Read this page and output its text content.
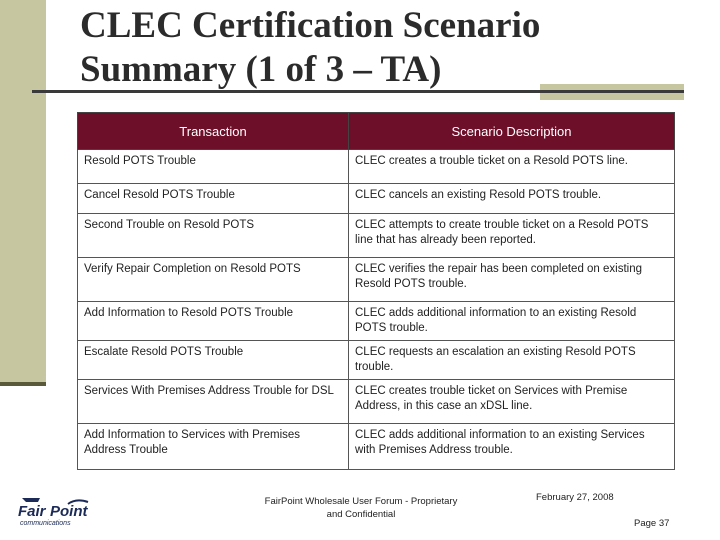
CLEC Certification Scenario
Summary (1 of 3 – TA)
Transaction	Scenario Description
Resold POTS Trouble	CLEC creates a trouble ticket on a Resold POTS line.
Cancel Resold POTS Trouble	CLEC cancels an existing Resold POTS trouble.
Second Trouble on Resold POTS	CLEC attempts to create trouble ticket on a Resold POTS line that has already been reported.
Verify Repair Completion on Resold POTS	CLEC verifies the repair has been completed on existing Resold POTS trouble.
Add Information to Resold POTS Trouble	CLEC adds additional information to an existing Resold POTS trouble.
Escalate Resold POTS Trouble	CLEC requests an escalation an existing Resold POTS trouble.
Services With Premises Address Trouble for DSL	CLEC creates trouble ticket on Services with Premise Address, in this case an xDSL line.
Add Information to Services with Premises Address Trouble	CLEC adds additional information to an existing Services with Premises Address trouble.
Fair Point
communications
FairPoint Wholesale User Forum - Proprietary
and Confidential
February 27, 2008
Page 37
